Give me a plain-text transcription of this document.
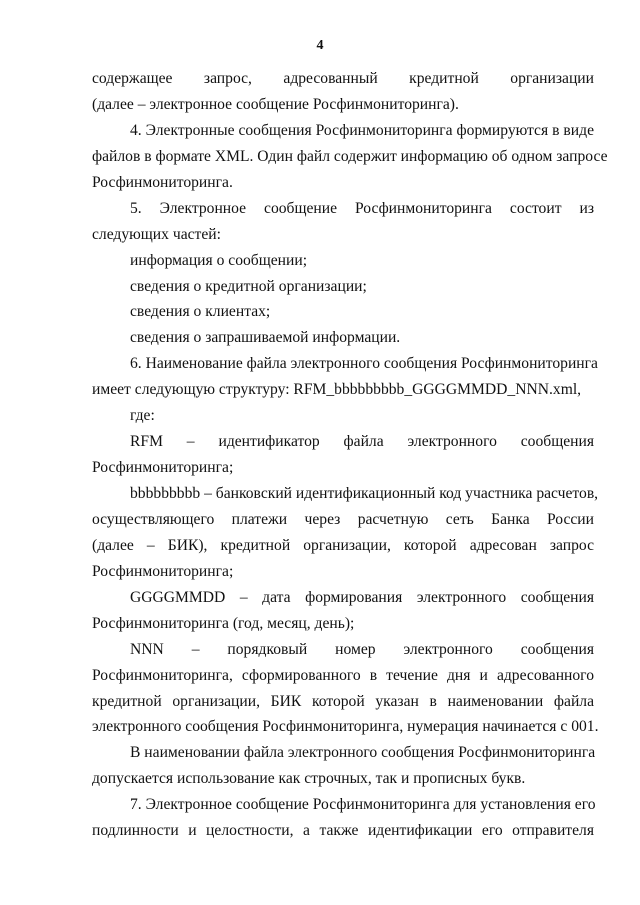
4
содержащее запрос, адресованный кредитной организации
(далее – электронное сообщение Росфинмониторинга).
4. Электронные сообщения Росфинмониторинга формируются в виде
файлов в формате XML. Один файл содержит информацию об одном запросе
Росфинмониторинга.
5. Электронное сообщение Росфинмониторинга состоит из
следующих частей:
информация о сообщении;
сведения о кредитной организации;
сведения о клиентах;
сведения о запрашиваемой информации.
6. Наименование файла электронного сообщения Росфинмониторинга
имеет следующую структуру: RFM_bbbbbbbbb_GGGGMMDD_NNN.xml,
где:
RFM – идентификатор файла электронного сообщения
Росфинмониторинга;
bbbbbbbbb – банковский идентификационный код участника расчетов,
осуществляющего платежи через расчетную сеть Банка России
(далее – БИК), кредитной организации, которой адресован запрос
Росфинмониторинга;
GGGGMMDD – дата формирования электронного сообщения
Росфинмониторинга (год, месяц, день);
NNN – порядковый номер электронного сообщения
Росфинмониторинга, сформированного в течение дня и адресованного
кредитной организации, БИК которой указан в наименовании файла
электронного сообщения Росфинмониторинга, нумерация начинается с 001.
В наименовании файла электронного сообщения Росфинмониторинга
допускается использование как строчных, так и прописных букв.
7. Электронное сообщение Росфинмониторинга для установления его
подлинности и целостности, а также идентификации его отправителя
